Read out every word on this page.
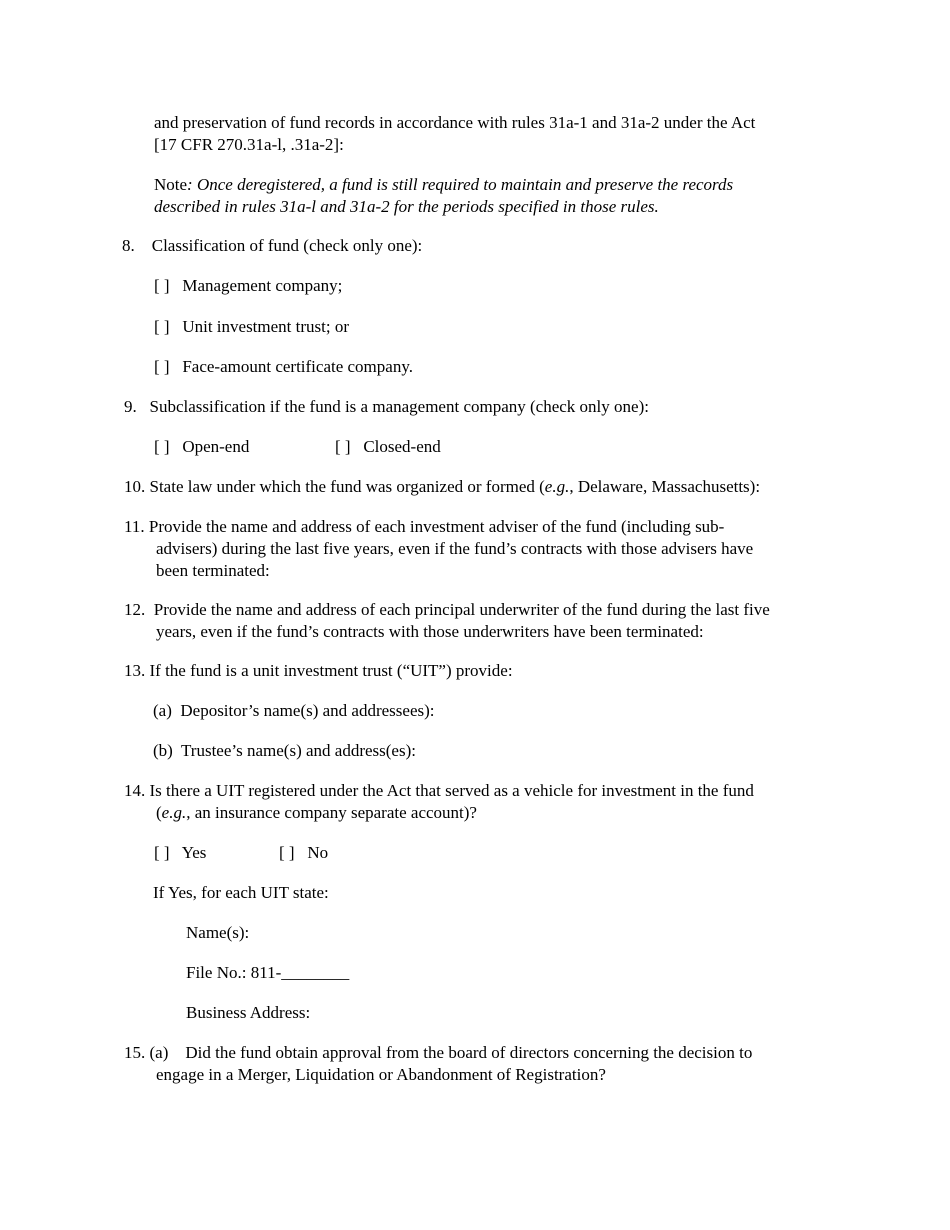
and preservation of fund records in accordance with rules 31a-1 and 31a-2 under the Act
[17 CFR 270.31a-l, .31a-2]:
Note: Once deregistered, a fund is still required to maintain and preserve the records
described in rules 31a-l and 31a-2 for the periods specified in those rules.
8.    Classification of fund (check only one):
[ ]   Management company;
[ ]   Unit investment trust; or
[ ]   Face-amount certificate company.
9.   Subclassification if the fund is a management company (check only one):
[ ]   Open-end	[ ]   Closed-end
10. State law under which the fund was organized or formed (e.g., Delaware, Massachusetts):
11. Provide the name and address of each investment adviser of the fund (including sub-
advisers) during the last five years, even if the fund’s contracts with those advisers have
been terminated:
12.  Provide the name and address of each principal underwriter of the fund during the last five
years, even if the fund’s contracts with those underwriters have been terminated:
13. If the fund is a unit investment trust (“UIT”) provide:
(a)  Depositor’s name(s) and addressees):
(b)  Trustee’s name(s) and address(es):
14. Is there a UIT registered under the Act that served as a vehicle for investment in the fund
(e.g., an insurance company separate account)?
[ ]   Yes	[ ]   No
If Yes, for each UIT state:
Name(s):
File No.: 811-________
Business Address:
15. (a)    Did the fund obtain approval from the board of directors concerning the decision to
engage in a Merger, Liquidation or Abandonment of Registration?
